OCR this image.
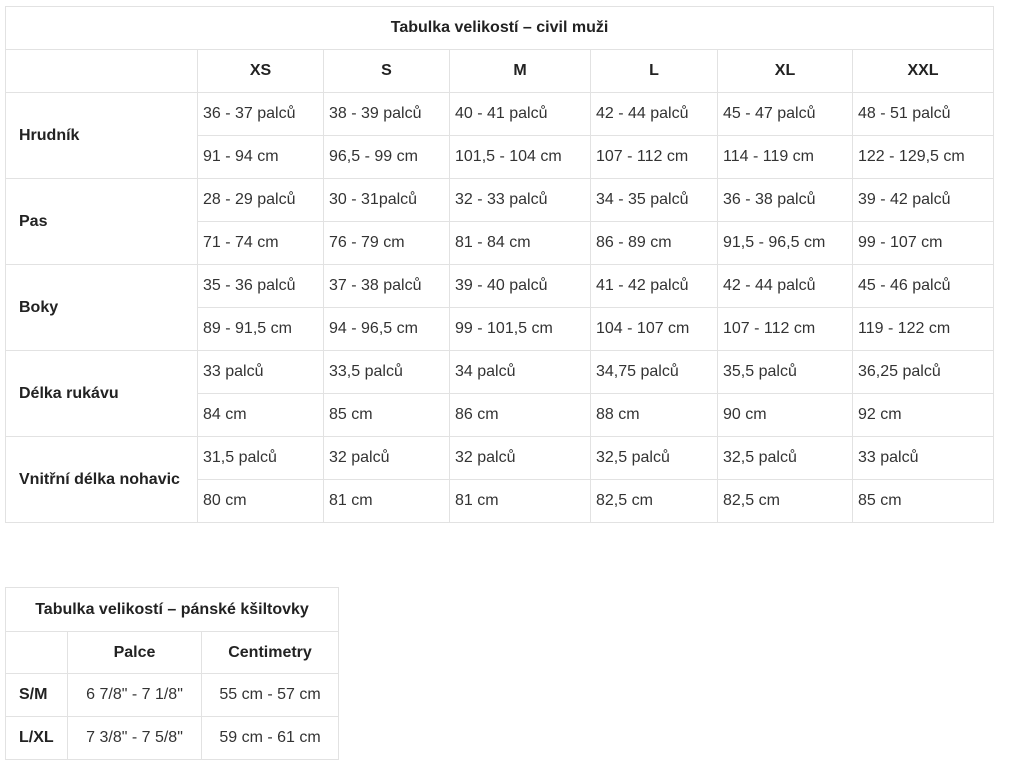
Tabulka velikostí – civil muži						
	XS	S	M	L	XL	XXL
Hrudník	36 - 37 palců	38 - 39 palců	40 - 41 palců	42 - 44 palců	45 - 47 palců	48 - 51 palců
	91 - 94 cm	96,5 - 99 cm	101,5 - 104 cm	107 - 112 cm	114 - 119 cm	122 - 129,5 cm
Pas	28 - 29 palců	30 - 31palců	32 - 33 palců	34 - 35 palců	36 - 38 palců	39 - 42 palců
	71 - 74 cm	76 - 79 cm	81 - 84 cm	86 - 89 cm	91,5 - 96,5 cm	99 - 107 cm
Boky	35 - 36 palců	37 - 38 palců	39 - 40 palců	41 - 42 palců	42 - 44 palců	45 - 46 palců
	89 - 91,5 cm	94 - 96,5 cm	99 - 101,5 cm	104 - 107 cm	107 - 112 cm	119 - 122 cm
Délka rukávu	33 palců	33,5 palců	34 palců	34,75 palců	35,5 palců	36,25 palců
	84 cm	85 cm	86 cm	88 cm	90 cm	92 cm
Vnitřní délka nohavic	31,5 palců	32 palců	32 palců	32,5 palců	32,5 palců	33 palců
	80 cm	81 cm	81 cm	82,5 cm	82,5 cm	85 cm
Tabulka velikostí – pánské kšiltovky		
	Palce	Centimetry
S/M	6 7/8" - 7 1/8"	55 cm - 57 cm
L/XL	7 3/8" - 7 5/8"	59 cm - 61 cm
